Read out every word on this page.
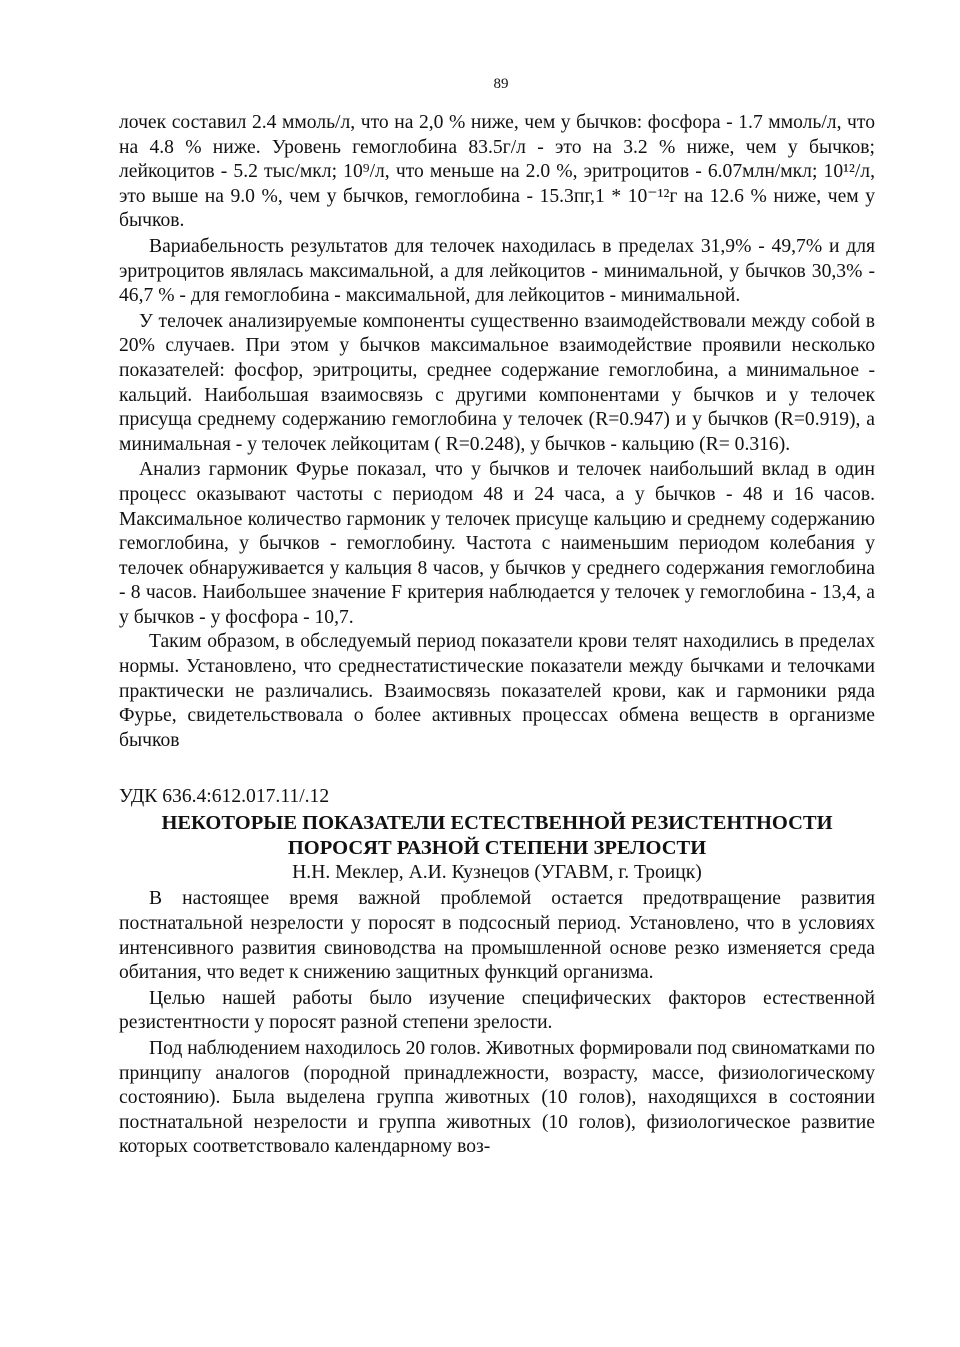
89

лочек составил 2.4 ммоль/л, что на 2,0 % ниже, чем у бычков: фосфора - 1.7 ммоль/л, что на 4.8 % ниже. Уровень гемоглобина 83.5г/л - это на 3.2 % ниже, чем у бычков; лейкоцитов - 5.2 тыс/мкл; 10⁹/л, что меньше на 2.0 %, эритроцитов - 6.07млн/мкл; 10¹²/л, это выше на 9.0 %, чем у бычков, гемоглобина - 15.3пг,1 * 10⁻¹²г на 12.6 % ниже, чем у бычков.

Вариабельность результатов для телочек находилась в пределах 31,9% - 49,7% и для эритроцитов являлась максимальной, а для лейкоцитов - минимальной, у бычков 30,3% - 46,7 % - для гемоглобина - максимальной, для лейкоцитов - минимальной.

У телочек анализируемые компоненты существенно взаимодействовали между собой в 20% случаев. При этом у бычков максимальное взаимодействие проявили несколько показателей: фосфор, эритроциты, среднее содержание гемоглобина, а минимальное - кальций. Наибольшая взаимосвязь с другими компонентами у бычков и у телочек присуща среднему содержанию гемоглобина у телочек (R=0.947) и у бычков (R=0.919), а минимальная - у телочек лейкоцитам ( R=0.248), у бычков - кальцию (R= 0.316).

Анализ гармоник Фурье показал, что у бычков и телочек наибольший вклад в один процесс оказывают частоты с периодом 48 и 24 часа, а у бычков - 48 и 16 часов. Максимальное количество гармоник у телочек присуще кальцию и среднему содержанию гемоглобина, у бычков - гемоглобину. Частота с наименьшим периодом колебания у телочек обнаруживается у кальция 8 часов, у бычков у среднего содержания гемоглобина - 8 часов. Наибольшее значение F критерия наблюдается у телочек у гемоглобина - 13,4, а у бычков - у фосфора - 10,7.

Таким образом, в обследуемый период показатели крови телят находились в пределах нормы. Установлено, что среднестатистические показатели между бычками и телочками практически не различались. Взаимосвязь показателей крови, как и гармоники ряда Фурье, свидетельствовала о более активных процессах обмена веществ в организме бычков

УДК 636.4:612.017.11/.12
НЕКОТОРЫЕ ПОКАЗАТЕЛИ ЕСТЕСТВЕННОЙ РЕЗИСТЕНТНОСТИ
ПОРОСЯТ РАЗНОЙ СТЕПЕНИ ЗРЕЛОСТИ
Н.Н. Меклер, А.И. Кузнецов (УГАВМ, г. Троицк)

В настоящее время важной проблемой остается предотвращение развития постнатальной незрелости у поросят в подсосный период. Установлено, что в условиях интенсивного развития свиноводства на промышленной основе резко изменяется среда обитания, что ведет к снижению защитных функций организма.

Целью нашей работы было изучение специфических факторов естественной резистентности у поросят разной степени зрелости.

Под наблюдением находилось 20 голов. Животных формировали под свиноматками по принципу аналогов (породной принадлежности, возрасту, массе, физиологическому состоянию). Была выделена группа животных (10 голов), находящихся в состоянии постнатальной незрелости и группа животных (10 голов), физиологическое развитие которых соответствовало календарному воз-
